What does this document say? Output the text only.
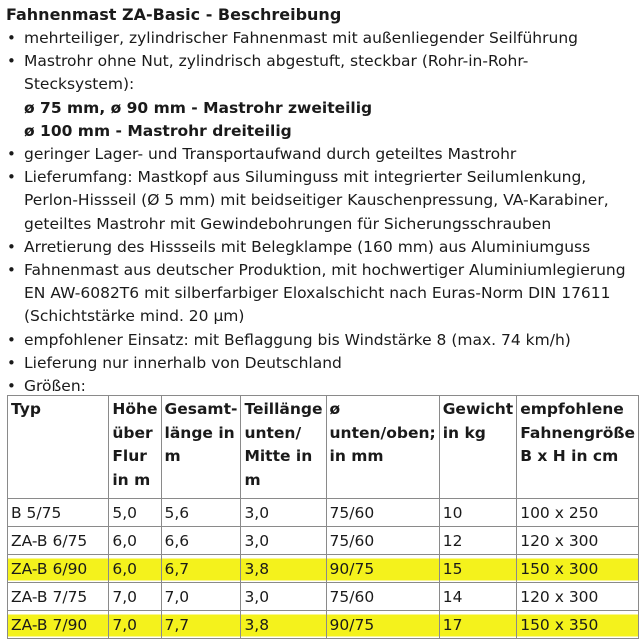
Fahnenmast ZA-Basic - Beschreibung
• mehrteiliger, zylindrischer Fahnenmast mit außenliegender Seilführung
• Mastrohr ohne Nut, zylindrisch abgestuft, steckbar (Rohr-in-Rohr-Stecksystem):
ø 75 mm, ø 90 mm - Mastrohr zweiteilig
ø 100 mm - Mastrohr dreiteilig
• geringer Lager- und Transportaufwand durch geteiltes Mastrohr
• Lieferumfang: Mastkopf aus Siluminguss mit integrierter Seilumlenkung, Perlon-Hissseil (Ø 5 mm) mit beidseitiger Kauschenpressung, VA-Karabiner, geteiltes Mastrohr mit Gewindebohrungen für Sicherungsschrauben
• Arretierung des Hissseils mit Belegklampe (160 mm) aus Aluminiumguss
• Fahnenmast aus deutscher Produktion, mit hochwertiger Aluminiumlegierung EN AW-6082T6 mit silberfarbiger Eloxalschicht nach Euras-Norm DIN 17611 (Schichtstärke mind. 20 µm)
• empfohlener Einsatz: mit Beflaggung bis Windstärke 8 (max. 74 km/h)
• Lieferung nur innerhalb von Deutschland
• Größen:
Typ	Höhe über Flur in m	Gesamt-länge in m	Teillänge unten/ Mitte in m	ø unten/oben; in mm	Gewicht in kg	empfohlene Fahnengröße B x H in cm
B 5/75	5,0	5,6	3,0	75/60	10	100 x 250
ZA-B 6/75	6,0	6,6	3,0	75/60	12	120 x 300
ZA-B 6/90	6,0	6,7	3,8	90/75	15	150 x 300
ZA-B 7/75	7,0	7,0	3,0	75/60	14	120 x 300
ZA-B 7/90	7,0	7,7	3,8	90/75	17	150 x 350
